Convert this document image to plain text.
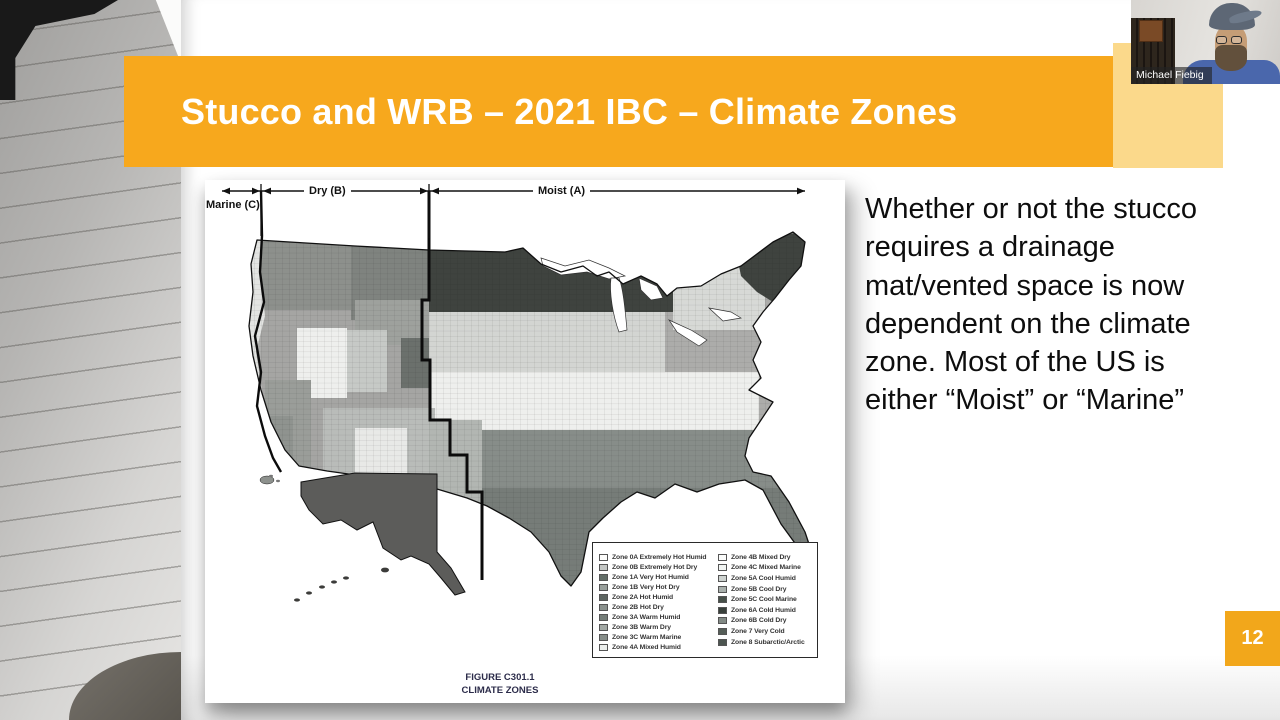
Stucco and WRB – 2021 IBC – Climate Zones
Marine (C)
Dry (B)	Moist (A)
Zone 0A Extremely Hot Humid
Zone 0B Extremely Hot Dry
Zone 1A Very Hot Humid
Zone 1B Very Hot Dry
Zone 2A Hot Humid
Zone 2B Hot Dry
Zone 3A Warm Humid
Zone 3B Warm Dry
Zone 3C Warm Marine
Zone 4A Mixed Humid
Zone 4B Mixed Dry
Zone 4C Mixed Marine
Zone 5A Cool Humid
Zone 5B Cool Dry
Zone 5C Cool Marine
Zone 6A Cold Humid
Zone 6B Cold Dry
Zone 7 Very Cold
Zone 8 Subarctic/Arctic
FIGURE C301.1
CLIMATE ZONES
Whether or not the stucco requires a drainage mat/vented space is now dependent on the climate zone. Most of the US is either “Moist” or “Marine”
12
Michael Fiebig
